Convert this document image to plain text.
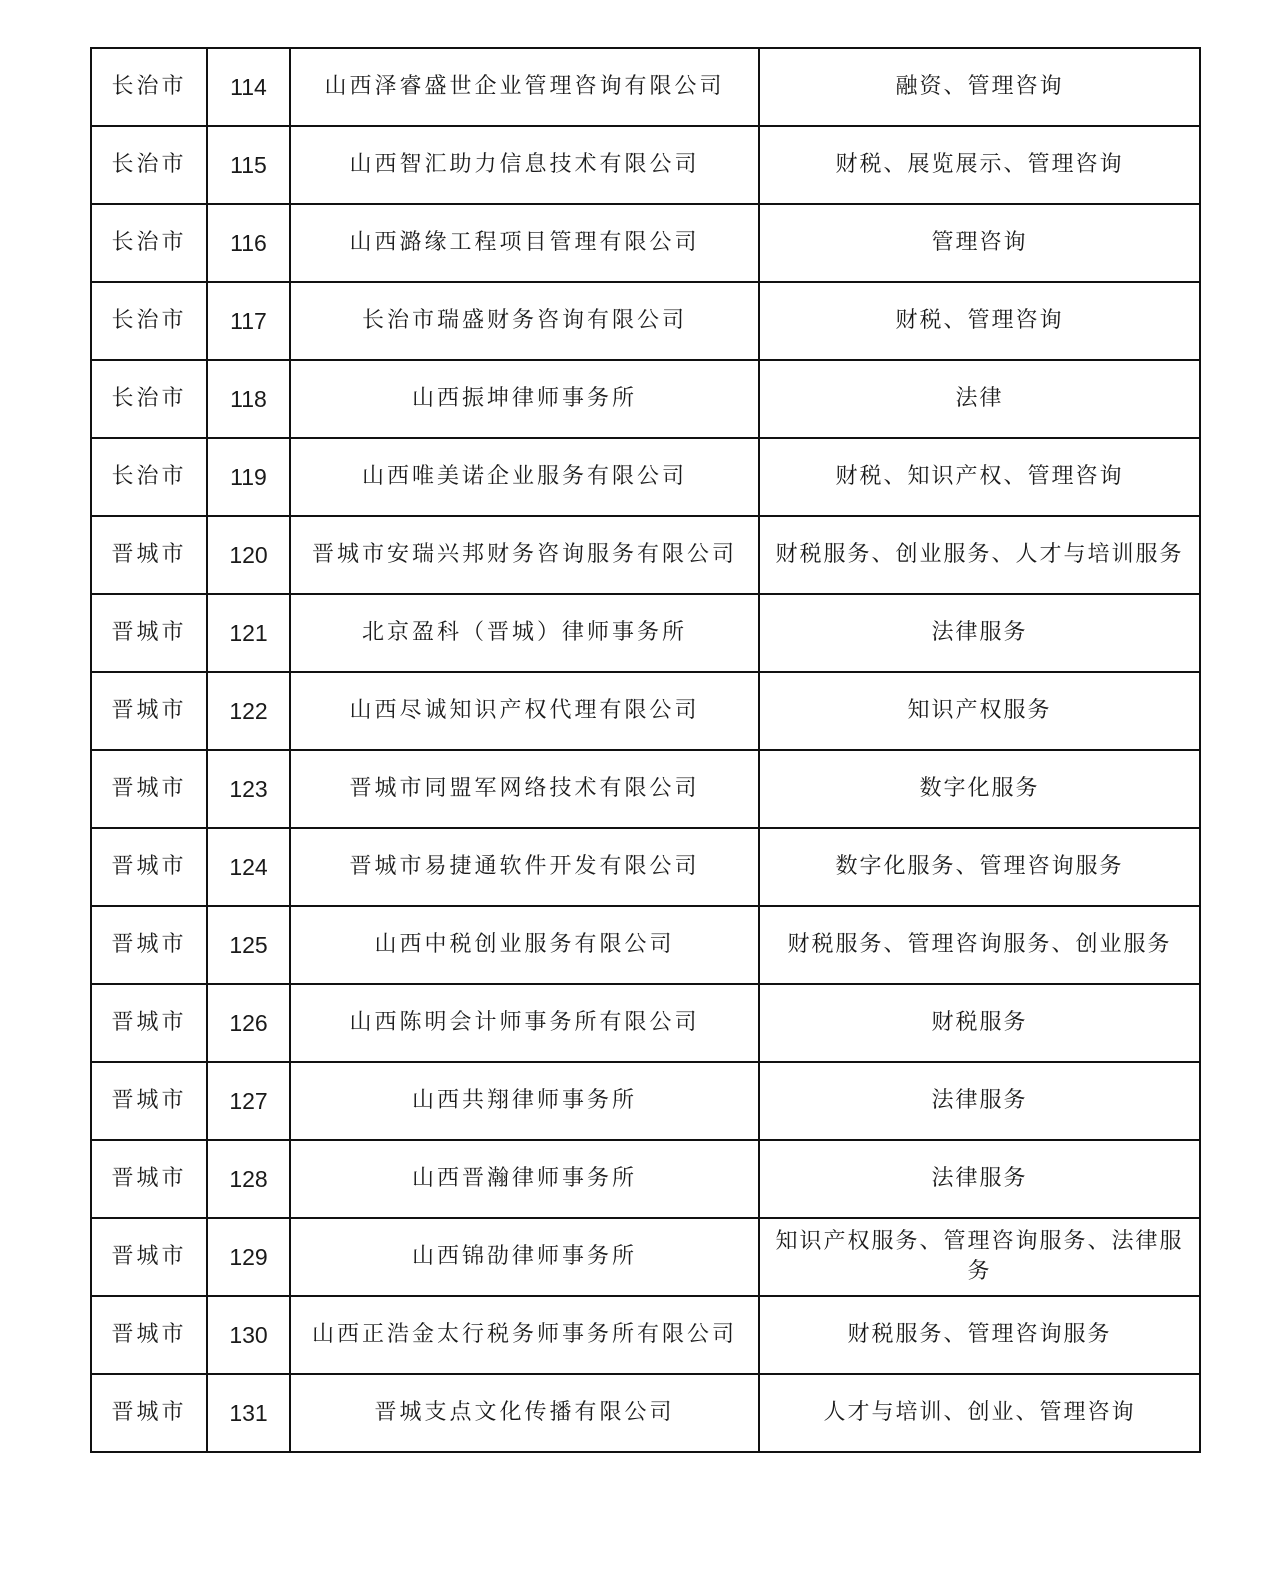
长治市	114	山西泽睿盛世企业管理咨询有限公司	融资、管理咨询
长治市	115	山西智汇助力信息技术有限公司	财税、展览展示、管理咨询
长治市	116	山西潞缘工程项目管理有限公司	管理咨询
长治市	117	长治市瑞盛财务咨询有限公司	财税、管理咨询
长治市	118	山西振坤律师事务所	法律
长治市	119	山西唯美诺企业服务有限公司	财税、知识产权、管理咨询
晋城市	120	晋城市安瑞兴邦财务咨询服务有限公司	财税服务、创业服务、人才与培训服务
晋城市	121	北京盈科（晋城）律师事务所	法律服务
晋城市	122	山西尽诚知识产权代理有限公司	知识产权服务
晋城市	123	晋城市同盟军网络技术有限公司	数字化服务
晋城市	124	晋城市易捷通软件开发有限公司	数字化服务、管理咨询服务
晋城市	125	山西中税创业服务有限公司	财税服务、管理咨询服务、创业服务
晋城市	126	山西陈明会计师事务所有限公司	财税服务
晋城市	127	山西共翔律师事务所	法律服务
晋城市	128	山西晋瀚律师事务所	法律服务
晋城市	129	山西锦劭律师事务所	知识产权服务、管理咨询服务、法律服务
晋城市	130	山西正浩金太行税务师事务所有限公司	财税服务、管理咨询服务
晋城市	131	晋城支点文化传播有限公司	人才与培训、创业、管理咨询
